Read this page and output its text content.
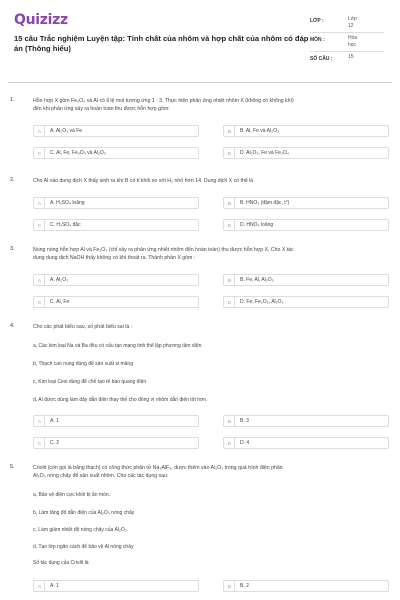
Quizizz
15 câu Trắc nghiệm Luyện tập: Tính chất của nhôm và hợp chất của nhôm có đáp án (Thông hiểu)
LỚP :	Lớp
12
MÔN :	Hóa
học
SỐ CÂU :	15
1.	Hỗn hợp X gồm Fe₃O₄ và Al có tỉ lệ mol tương ứng 1 : 3. Thực hiện phản ứng nhiệt nhôm X (không có không khí)
đến khi phản ứng xảy ra hoàn toàn thu được hỗn hợp gồm:
A	A. Al₂O₃ và Fe	B	B. Al, Fe và Al₂O₃
C	C. Al, Fe, Fe₃O₄ và Al₂O₃	D	D. Al₂O₃, Fe và Fe₃O₄
2.	Cho Al vào dung dịch X thấy sinh ra khí B có tỉ khối so với H₂ nhỏ hơn 14. Dung dịch X có thể là
A	A. H₂SO₄ loãng	B	B. HNO₃ (đậm đặc, t°)
C	C. H₂SO₄ đặc	D	D. HNO₃ loãng
3.	Nung nóng hỗn hợp Al và Fe₂O₃ (chỉ xảy ra phản ứng nhiệt nhôm đến hoàn toàn) thu được hỗn hợp X. Cho X tác
dụng dung dịch NaOH thấy không có khí thoát ra. Thành phần X gồm :
A	A. Al₂O₃	B	B. Fe, Al, Al₂O₃
C	C. Al, Fe	D	D. Fe, Fe₂O₃, Al₂O₃
4.	Cho các phát biểu sau, số phát biểu sai là :
a, Các kim loại Na và Ba đều có cấu tạo mạng tinh thể lập phương tâm diện.
b, Thạch cao nung dùng để sản xuất xi măng
c, Kim loại Cesi dùng để chế tạo tế bào quang điện
d, Al được dùng làm dây dẫn điện thay thế cho đồng vì nhôm dẫn điện tốt hơn.
A	A. 1	B	B. 3
C	C. 2	D	D. 4
5.	Criolit (còn gọi là băng thạch) có công thức phân tử Na₃AlF₆, được thêm vào Al₂O₃ trong quá trình điện phân
Al₂O₃ nóng chảy để sản xuất nhôm. Cho các tác dụng sau:
a, Bảo vệ điện cực khỏi bị ăn mòn.
b, Làm tăng độ dẫn điện của Al₂O₃ nóng chảy
c, Làm giảm nhiệt độ nóng chảy của Al₂O₃
d, Tạo lớp ngăn cách để bảo vệ Al nóng chảy
Số tác dụng của Criolit là
A	A. 1	B	B. 2
